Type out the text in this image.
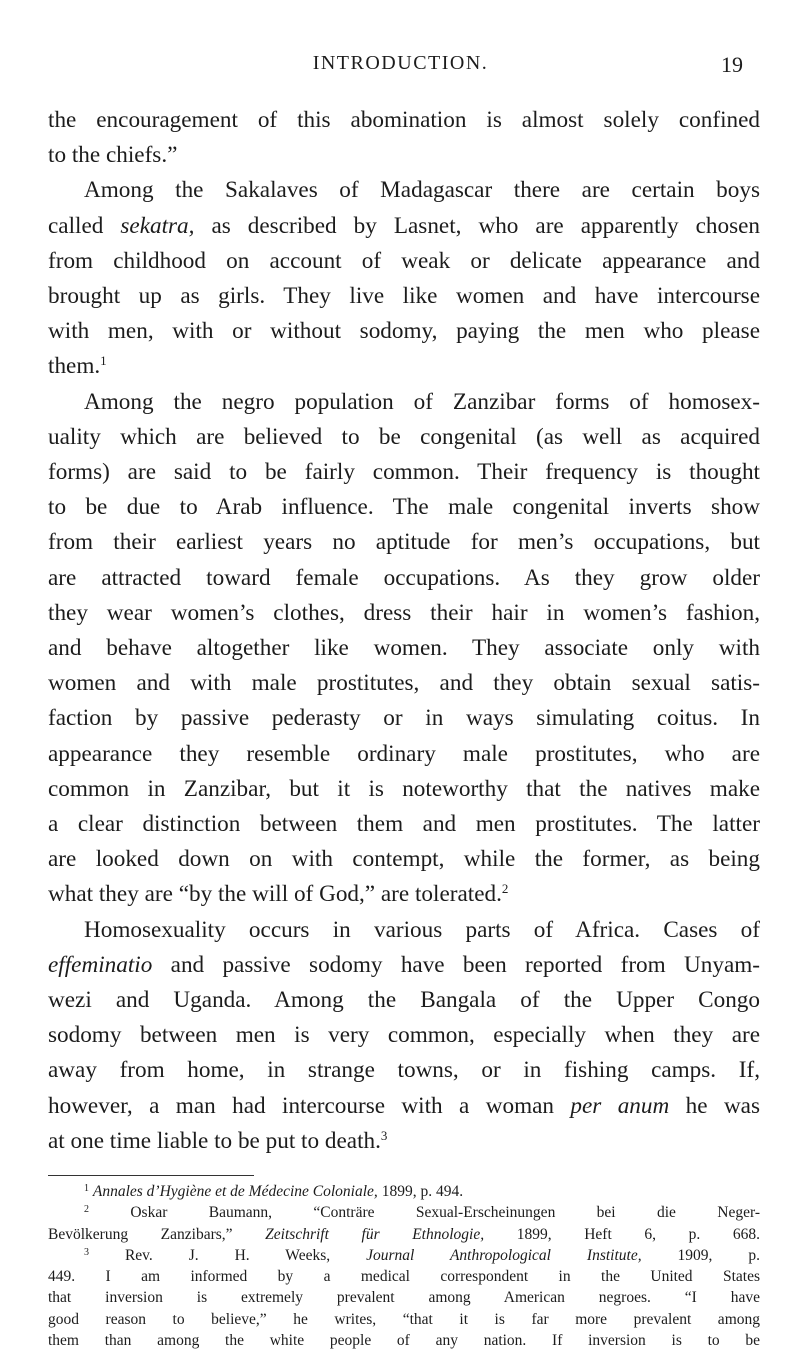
INTRODUCTION.	19
the encouragement of this abomination is almost solely confined
to the chiefs.”
Among the Sakalaves of Madagascar there are certain boys
called sekatra, as described by Lasnet, who are apparently chosen
from childhood on account of weak or delicate appearance and
brought up as girls. They live like women and have intercourse
with men, with or without sodomy, paying the men who please
them.$^1$
Among the negro population of Zanzibar forms of homosex-
uality which are believed to be congenital (as well as acquired
forms) are said to be fairly common. Their frequency is thought
to be due to Arab influence. The male congenital inverts show
from their earliest years no aptitude for men’s occupations, but
are attracted toward female occupations. As they grow older
they wear women’s clothes, dress their hair in women’s fashion,
and behave altogether like women. They associate only with
women and with male prostitutes, and they obtain sexual satis-
faction by passive pederasty or in ways simulating coitus. In
appearance they resemble ordinary male prostitutes, who are
common in Zanzibar, but it is noteworthy that the natives make
a clear distinction between them and men prostitutes. The latter
are looked down on with contempt, while the former, as being
what they are “by the will of God,” are tolerated.$^2$
Homosexuality occurs in various parts of Africa. Cases of
effeminatio and passive sodomy have been reported from Unyam-
wezi and Uganda. Among the Bangala of the Upper Congo
sodomy between men is very common, especially when they are
away from home, in strange towns, or in fishing camps. If,
however, a man had intercourse with a woman per anum he was
at one time liable to be put to death.$^3$
$^1$ Annales d’Hygiène et de Médecine Coloniale, 1899, p. 494.
$^2$ Oskar Baumann, “Conträre Sexual-Erscheinungen bei die Neger-
Bevölkerung Zanzibars,” Zeitschrift für Ethnologie, 1899, Heft 6, p. 668.
$^3$ Rev. J. H. Weeks, Journal Anthropological Institute, 1909, p.
449. I am informed by a medical correspondent in the United States
that inversion is extremely prevalent among American negroes. “I have
good reason to believe,” he writes, “that it is far more prevalent among
them than among the white people of any nation. If inversion is to be
